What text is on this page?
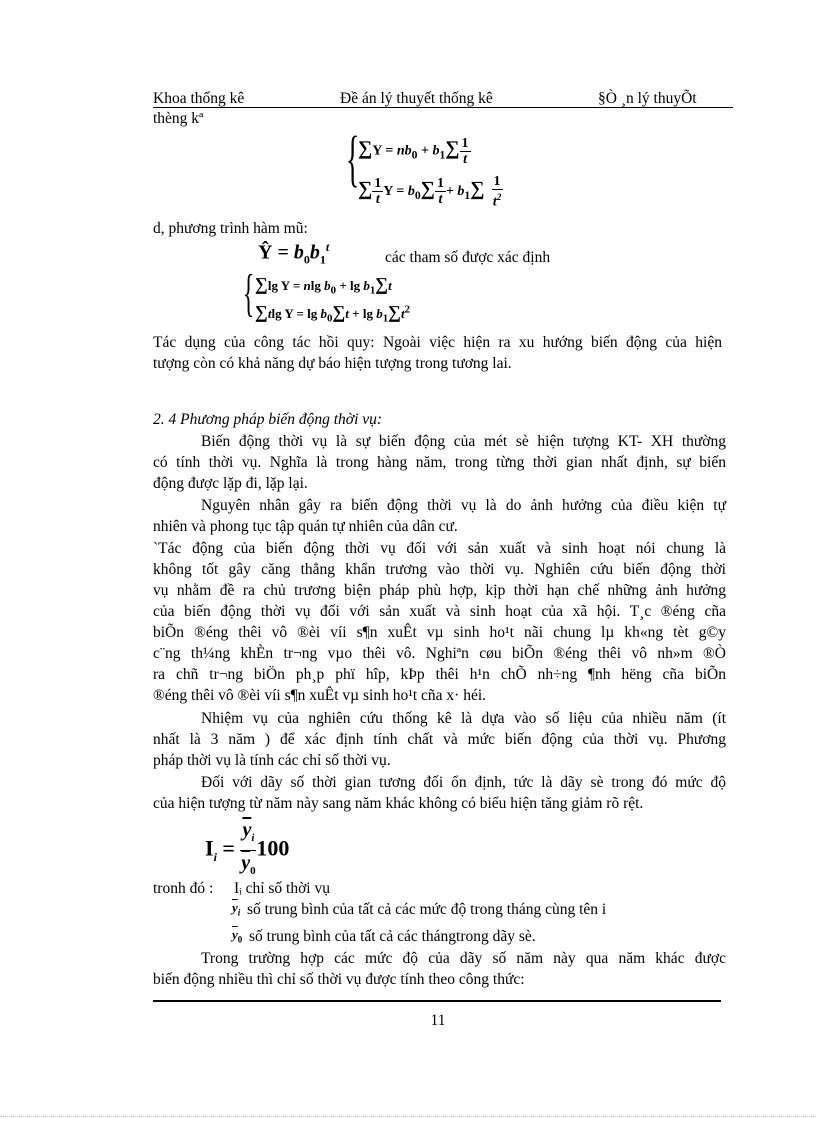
Khoa thống kê	Đề án lý thuyết thống kê	§Ò ¸n lý thuyÕt
thèng kª
{
$\sum Y = nb_0 + b_1\sum \frac{1}{t}$
∑ $\frac{1}{t}$ $Y = b_0\sum \frac{1}{t} + b_1\sum \frac{1}{t^2}$
d, phương trình hàm mũ:
Ŷ = $b_0b_1^t$
các tham số được xác định
{ ∑lg Y = nlg $b_0 + \lg b_1\sum t$
∑tlg $Y = \lg b_0\sum t + \lg b_1\sum t^2$
Tác dụng của công tác hồi quy: Ngoài việc hiện ra xu hướng biến động của hiện
tượng còn có khả năng dự báo hiện tượng trong tương lai.
2. 4 Phương pháp biến động thời vụ:
Biến động thời vụ là sự biến động của mét sè hiện tượng KT- XH thường
có tính thời vụ. Nghĩa là trong hàng năm, trong từng thời gian nhất định, sự biến
động được lặp đi, lặp lại.
Nguyên nhân gây ra biến động thời vụ là do ảnh hưởng của điều kiện tự
nhiên và phong tục tập quán tự nhiên của dân cư.
`Tác động của biến động thời vụ đối với sản xuất và sinh hoạt nói chung là
không tốt gây căng thẳng khẩn trương vào thời vụ. Nghiên cứu biến động thời
vụ nhằm đề ra chủ trương biện pháp phù hợp, kịp thời hạn chế những ảnh hưởng
của biến động thời vụ đối với sản xuất và sinh hoạt của xã hội. T¸c ®éng cña
biÕn ®éng thêi vô ®èi víi s¶n xuÊt vµ sinh ho¹t nãi chung lµ kh«ng tèt g©y
c¨ng th¼ng khÈn tr¬ng vµo thêi vô. Nghiªn cøu biÕn ®éng thêi vô nh»m ®Ò
ra chñ tr¬ng biÖn ph¸p phï hîp, kÞp thêi h¹n chÕ nh÷ng ¶nh hëng cña biÕn
®éng thêi vô ®èi víi s¶n xuÊt vµ sinh ho¹t cña x· héi.
Nhiệm vụ của nghiên cứu thống kê là dựa vào số liệu của nhiều năm (ít
nhất là 3 năm ) để xác định tính chất và mức biến động của thời vụ. Phương
pháp thời vụ là tính các chỉ số thời vụ.
Đối với dãy số thời gian tương đối ổn định, tức là dãy sè trong đó mức độ
của hiện tượng từ năm này sang năm khác không có biểu hiện tăng giảm rõ rệt.
$I_i = \frac{\overline{y}_i}{\overline{y}_0} 100$
tronh đó : Iᵢ chỉ số thời vụ
$\overline{y}_i$ số trung bình của tất cả các mức độ trong tháng cùng tên i
$\overline{y}_0$ số trung bình của tất cả các thángtrong dãy sè.
Trong trường hợp các mức độ của dãy số năm này qua năm khác được
biến động nhiều thì chỉ số thời vụ được tính theo công thức:
11
